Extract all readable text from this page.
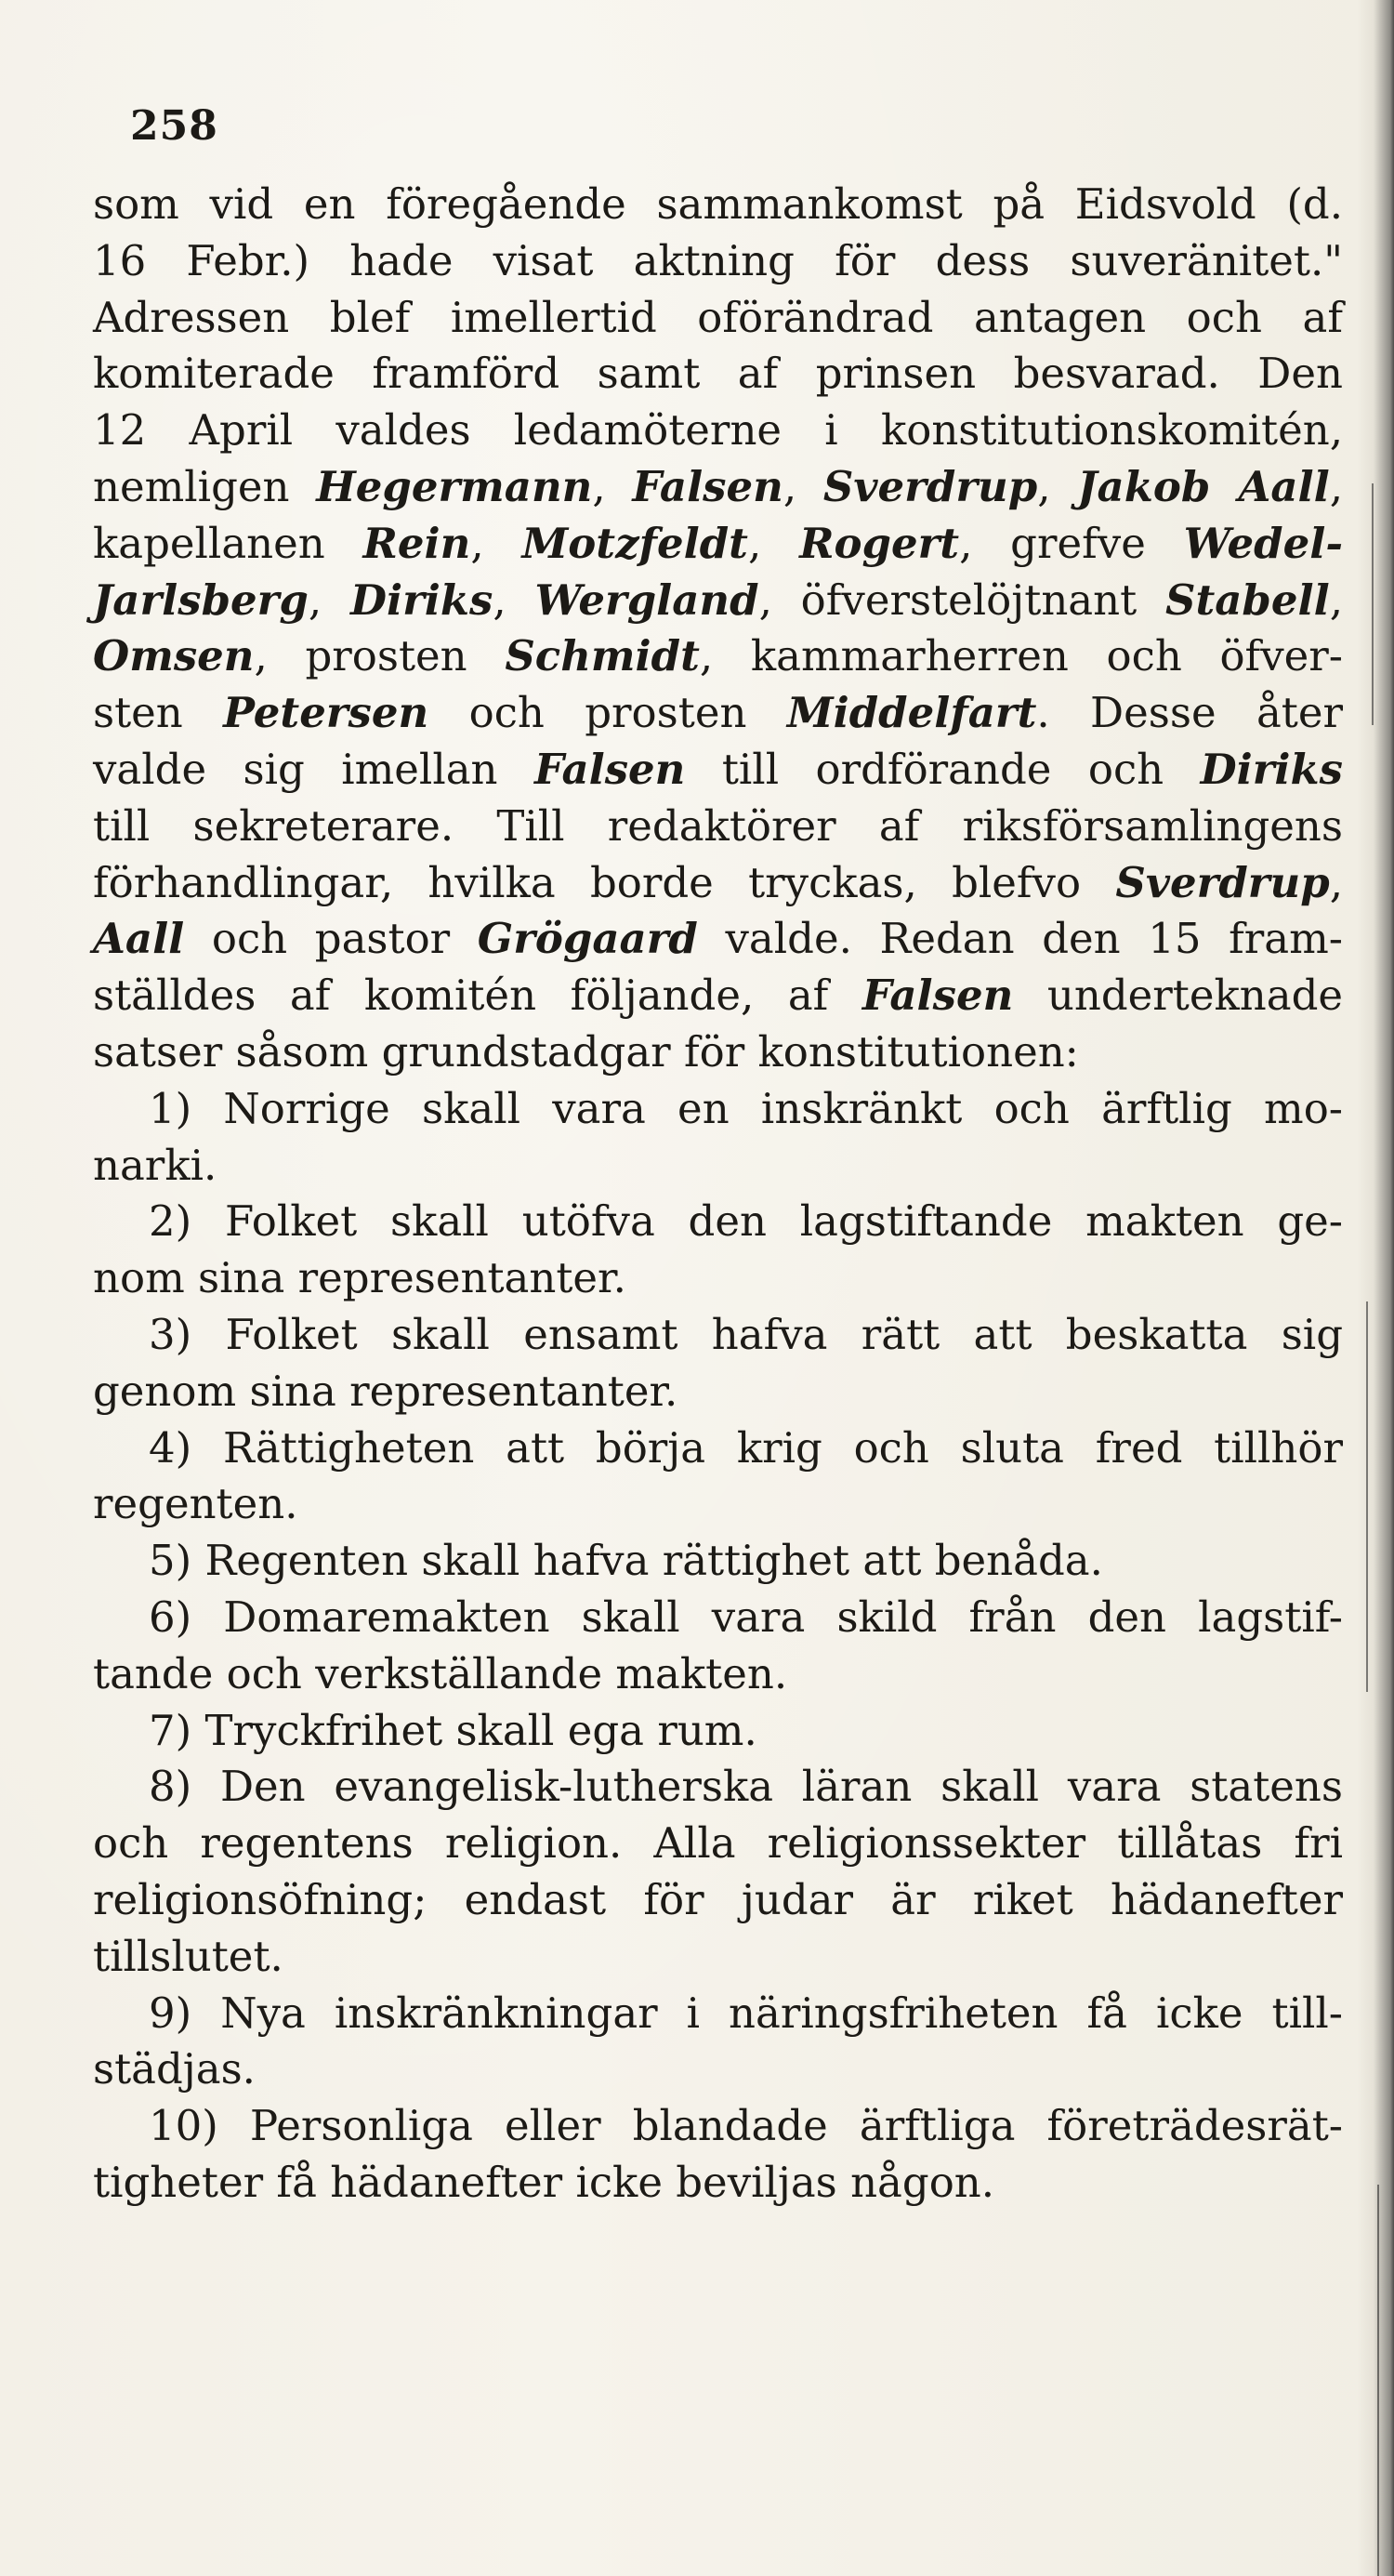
258
som vid en föregående sammankomst på Eidsvold (d.
16 Febr.) hade visat aktning för dess suveränitet."
Adressen blef imellertid oförändrad antagen och af
komiterade framförd samt af prinsen besvarad. Den
12 April valdes ledamöterne i konstitutionskomitén,
nemligen Hegermann, Falsen, Sverdrup, Jakob Aall,
kapellanen Rein, Motzfeldt, Rogert, grefve Wedel-
Jarlsberg, Diriks, Wergland, öfverstelöjtnant Stabell,
Omsen, prosten Schmidt, kammarherren och öfver-
sten Petersen och prosten Middelfart. Desse åter
valde sig imellan Falsen till ordförande och Diriks
till sekreterare. Till redaktörer af riksförsamlingens
förhandlingar, hvilka borde tryckas, blefvo Sverdrup,
Aall och pastor Grögaard valde. Redan den 15 fram-
ställdes af komitén följande, af Falsen underteknade
satser såsom grundstadgar för konstitutionen:
1) Norrige skall vara en inskränkt och ärftlig mo-
narki.
2) Folket skall utöfva den lagstiftande makten ge-
nom sina representanter.
3) Folket skall ensamt hafva rätt att beskatta sig
genom sina representanter.
4) Rättigheten att börja krig och sluta fred tillhör
regenten.
5) Regenten skall hafva rättighet att benåda.
6) Domaremakten skall vara skild från den lagstif-
tande och verkställande makten.
7) Tryckfrihet skall ega rum.
8) Den evangelisk-lutherska läran skall vara statens
och regentens religion. Alla religionssekter tillåtas fri
religionsöfning; endast för judar är riket hädanefter
tillslutet.
9) Nya inskränkningar i näringsfriheten få icke till-
städjas.
10) Personliga eller blandade ärftliga företrädesrät-
tigheter få hädanefter icke beviljas någon.
